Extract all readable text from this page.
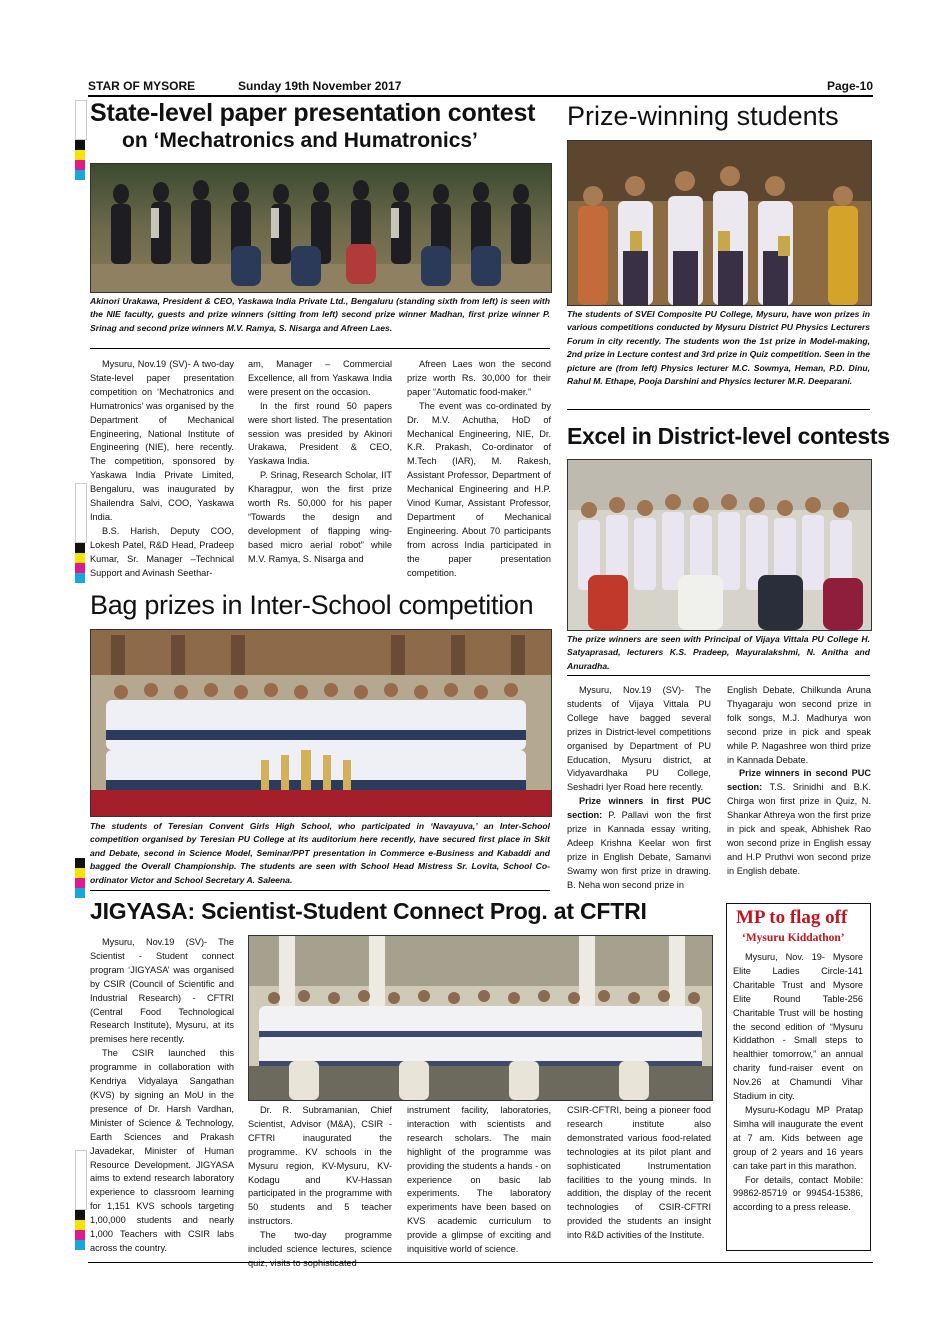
STAR OF MYSORE	Sunday 19th November 2017	Page-10
State-level paper presentation contest
on ‘Mechatronics and Humatronics’
Akinori Urakawa, President & CEO, Yaskawa India Private Ltd., Bengaluru (standing sixth from left) is seen with the NIE faculty, guests and prize winners (sitting from left) second prize winner Madhan, first prize winner P. Srinag and second prize winners M.V. Ramya, S. Nisarga and Afreen Laes.

Mysuru, Nov.19 (SV)- A two-day State-level paper presentation competition on ‘Mechatronics and Humatronics’ was organised by the Department of Mechanical Engineering, National Institute of Engineering (NIE), here recently. The competition, sponsored by Yaskawa India Private Limited, Bengaluru, was inaugurated by Shailendra Salvi, COO, Yaskawa India.

B.S. Harish, Deputy COO, Lokesh Patel, R&D Head, Pradeep Kumar, Sr. Manager –Technical Support and Avinash Seethar-

am, Manager – Commercial Excellence, all from Yaskawa India were present on the occasion.

In the first round 50 papers were short listed. The presentation session was presided by Akinori Urakawa, President & CEO, Yaskawa India.

P. Srinag, Research Scholar, IIT Kharagpur, won the first prize worth Rs. 50,000 for his paper “Towards the design and development of flapping wing-based micro aerial robot” while M.V. Ramya, S. Nisarga and

Afreen Laes won the second prize worth Rs. 30,000 for their paper “Automatic food-maker.”

The event was co-ordinated by Dr. M.V. Achutha, HoD of Mechanical Engineering, NIE, Dr. K.R. Prakash, Co-ordinator of M.Tech (IAR), M. Rakesh, Assistant Professor, Department of Mechanical Engineering and H.P. Vinod Kumar, Assistant Professor, Department of Mechanical Engineering. About 70 participants from across India participated in the paper presentation competition.

Prize-winning students
The students of SVEI Composite PU College, Mysuru, have won prizes in various competitions conducted by Mysuru District PU Physics Lecturers Forum in city recently. The students won the 1st prize in Model-making, 2nd prize in Lecture contest and 3rd prize in Quiz competition. Seen in the picture are (from left) Physics lecturer M.C. Sowmya, Heman, P.D. Dinu, Rahul M. Ethape, Pooja Darshini and Physics lecturer M.R. Deeparani.
Excel in District-level contests
The prize winners are seen with Principal of Vijaya Vittala PU College H. Satyaprasad, lecturers K.S. Pradeep, Mayuralakshmi, N. Anitha and Anuradha.

Mysuru, Nov.19 (SV)- The students of Vijaya Vittala PU College have bagged several prizes in District-level competitions organised by Department of PU Education, Mysuru district, at Vidyavardhaka PU College, Seshadri Iyer Road here recently.

Prize winners in first PUC section: P. Pallavi won the first prize in Kannada essay writing, Adeep Krishna Keelar won first prize in English Debate, Samanvi Swamy won first prize in drawing. B. Neha won second prize in

English Debate, Chilkunda Aruna Thyagaraju won second prize in folk songs, M.J. Madhurya won second prize in pick and speak while P. Nagashree won third prize in Kannada Debate.

Prize winners in second PUC section: T.S. Srinidhi and B.K. Chirga won first prize in Quiz, N. Shankar Athreya won the first prize in pick and speak, Abhishek Rao won second prize in English essay and H.P Pruthvi won second prize in English debate.

Bag prizes in Inter-School competition
The students of Teresian Convent Girls High School, who participated in ‘Navayuva,’ an Inter-School competition organised by Teresian PU College at its auditorium here recently, have secured first place in Skit and Debate, second in Science Model, Seminar/PPT presentation in Commerce e-Business and Kabaddi and bagged the Overall Championship. The students are seen with School Head Mistress Sr. Lovita, School Co-ordinator Victor and School Secretary A. Saleena.
JIGYASA: Scientist-Student Connect Prog. at CFTRI

Mysuru, Nov.19 (SV)- The Scientist - Student connect program ‘JIGYASA’ was organised by CSIR (Council of Scientific and Industrial Research) - CFTRI (Central Food Technological Research Institute), Mysuru, at its premises here recently.

The CSIR launched this programme in collaboration with Kendriya Vidyalaya Sangathan (KVS) by signing an MoU in the presence of Dr. Harsh Vardhan, Minister of Science & Technology, Earth Sciences and Prakash Javadekar, Minister of Human Resource Development. JIGYASA aims to extend research laboratory experience to classroom learning for 1,151 KVS schools targeting 1,00,000 students and nearly 1,000 Teachers with CSIR labs across the country.

Dr. R. Subramanian, Chief Scientist, Advisor (M&A), CSIR -CFTRI inaugurated the programme. KV schools in the Mysuru region, KV-Mysuru, KV- Kodagu and KV-Hassan participated in the programme with 50 students and 5 teacher instructors.

The two-day programme included science lectures, science

instrument facility, laboratories, interaction with scientists and research scholars. The main highlight of the programme was providing the students a hands - on experience on basic lab experiments. The laboratory experiments have been based on KVS academic curriculum to provide a glimpse of exciting and inquisitive world of science.

CSIR-CFTRI, being a pioneer food research institute also demonstrated various food-related technologies at its pilot plant and sophisticated Instrumentation facilities to the young minds. In addition, the display of the recent technologies of CSIR-CFTRI provided the students an insight into R&D activities of the Institute.

MP to flag off
‘Mysuru Kiddathon’

Mysuru, Nov. 19- Mysore Elite Ladies Circle-141 Charitable Trust and Mysore Elite Round Table-256 Charitable Trust will be hosting the second edition of “Mysuru Kiddathon - Small steps to healthier tomorrow,” an annual charity fund-raiser event on Nov.26 at Chamundi Vihar Stadium in city.

Mysuru-Kodagu MP Pratap Simha will inaugurate the event at 7 am. Kids between age group of 2 years and 16 years can take part in this marathon.

For details, contact Mobile: 99862-85719 or 99454-15386, according to a press release.
